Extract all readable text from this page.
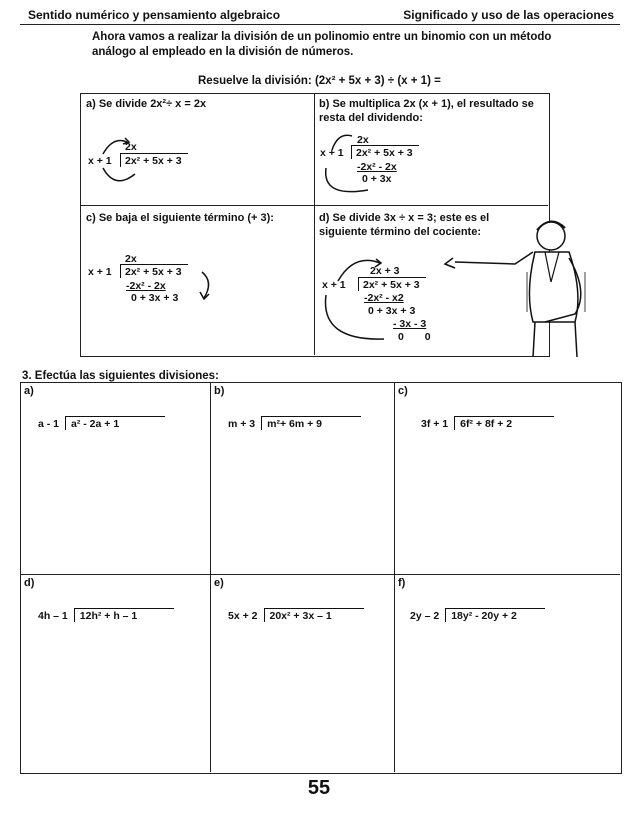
Sentido numérico y pensamiento algebraico	Significado y uso de las operaciones
Ahora vamos a realizar la división de un polinomio entre un binomio con un método análogo al empleado en la división de números.
Resuelve la división: (2x² + 5x + 3) ÷ (x + 1) =
a) Se divide 2x²÷ x = 2x
2x
x + 1	2x² + 5x + 3
b) Se multiplica 2x (x + 1), el resultado se resta del dividendo:
2x
x + 1	2x² + 5x + 3
-2x² - 2x
0 + 3x
c) Se baja el siguiente término (+ 3):
2x
x + 1	2x² + 5x + 3
-2x² - 2x
0 + 3x + 3
d) Se divide 3x ÷ x = 3; este es el siguiente término del cociente:
2x + 3
x + 1	2x² + 5x + 3
-2x² - x2
0 + 3x + 3
- 3x - 3
0 0
3. Efectúa las siguientes divisiones:
a)
a - 1 a² - 2a + 1
b)
m + 3 m²+ 6m + 9
c)
3f + 1 6f² + 8f + 2
d)
4h – 1 12h² + h – 1
e)
5x + 2 20x² + 3x – 1
f)
2y – 2 18y² - 20y + 2
55
